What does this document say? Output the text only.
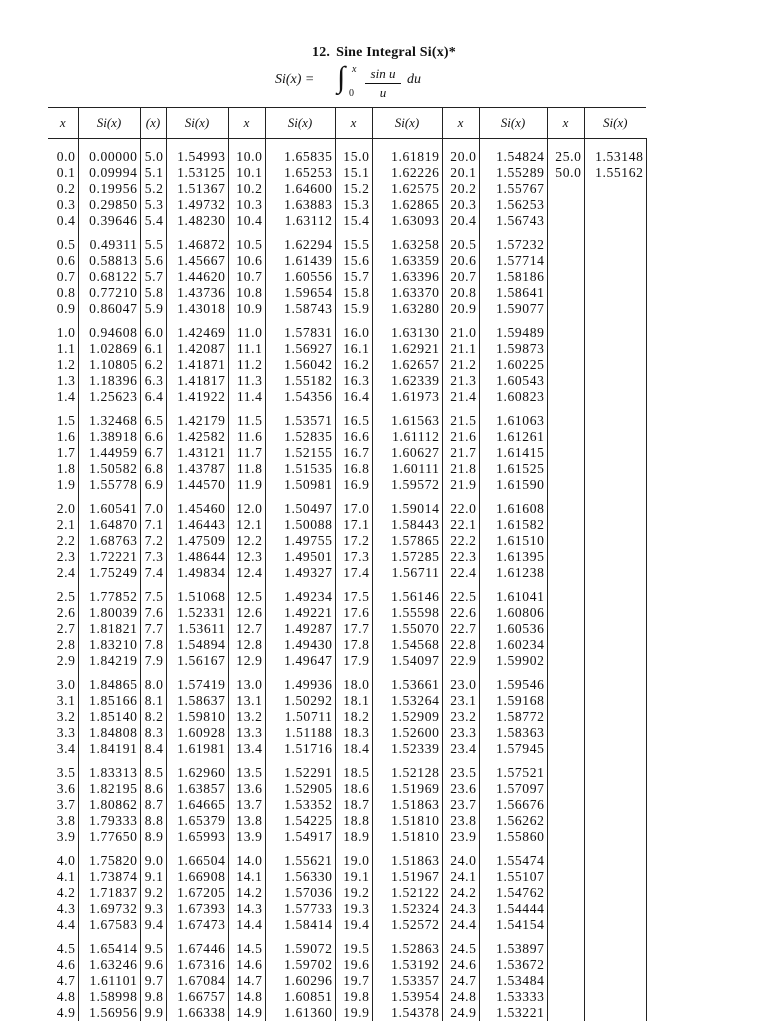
12. Sine Integral Si(x)*
Si(x) = ∫ x
0
sin u
u
du
x	Si(x)	(x)	Si(x)	x	Si(x)	x	Si(x)	x	Si(x)	x	Si(x)

0.0	0.00000	5.0	1.54993	10.0	1.65835	15.0	1.61819	20.0	1.54824	25.0	1.53148
0.1	0.09994	5.1	1.53125	10.1	1.65253	15.1	1.62226	20.1	1.55289	50.0	1.55162
0.2	0.19956	5.2	1.51367	10.2	1.64600	15.2	1.62575	20.2	1.55767		
0.3	0.29850	5.3	1.49732	10.3	1.63883	15.3	1.62865	20.3	1.56253		
0.4	0.39646	5.4	1.48230	10.4	1.63112	15.4	1.63093	20.4	1.56743		

0.5	0.49311	5.5	1.46872	10.5	1.62294	15.5	1.63258	20.5	1.57232		
0.6	0.58813	5.6	1.45667	10.6	1.61439	15.6	1.63359	20.6	1.57714		
0.7	0.68122	5.7	1.44620	10.7	1.60556	15.7	1.63396	20.7	1.58186		
0.8	0.77210	5.8	1.43736	10.8	1.59654	15.8	1.63370	20.8	1.58641		
0.9	0.86047	5.9	1.43018	10.9	1.58743	15.9	1.63280	20.9	1.59077		

1.0	0.94608	6.0	1.42469	11.0	1.57831	16.0	1.63130	21.0	1.59489		
1.1	1.02869	6.1	1.42087	11.1	1.56927	16.1	1.62921	21.1	1.59873		
1.2	1.10805	6.2	1.41871	11.2	1.56042	16.2	1.62657	21.2	1.60225		
1.3	1.18396	6.3	1.41817	11.3	1.55182	16.3	1.62339	21.3	1.60543		
1.4	1.25623	6.4	1.41922	11.4	1.54356	16.4	1.61973	21.4	1.60823		

1.5	1.32468	6.5	1.42179	11.5	1.53571	16.5	1.61563	21.5	1.61063		
1.6	1.38918	6.6	1.42582	11.6	1.52835	16.6	1.61112	21.6	1.61261		
1.7	1.44959	6.7	1.43121	11.7	1.52155	16.7	1.60627	21.7	1.61415		
1.8	1.50582	6.8	1.43787	11.8	1.51535	16.8	1.60111	21.8	1.61525		
1.9	1.55778	6.9	1.44570	11.9	1.50981	16.9	1.59572	21.9	1.61590		

2.0	1.60541	7.0	1.45460	12.0	1.50497	17.0	1.59014	22.0	1.61608		
2.1	1.64870	7.1	1.46443	12.1	1.50088	17.1	1.58443	22.1	1.61582		
2.2	1.68763	7.2	1.47509	12.2	1.49755	17.2	1.57865	22.2	1.61510		
2.3	1.72221	7.3	1.48644	12.3	1.49501	17.3	1.57285	22.3	1.61395		
2.4	1.75249	7.4	1.49834	12.4	1.49327	17.4	1.56711	22.4	1.61238		

2.5	1.77852	7.5	1.51068	12.5	1.49234	17.5	1.56146	22.5	1.61041		
2.6	1.80039	7.6	1.52331	12.6	1.49221	17.6	1.55598	22.6	1.60806		
2.7	1.81821	7.7	1.53611	12.7	1.49287	17.7	1.55070	22.7	1.60536		
2.8	1.83210	7.8	1.54894	12.8	1.49430	17.8	1.54568	22.8	1.60234		
2.9	1.84219	7.9	1.56167	12.9	1.49647	17.9	1.54097	22.9	1.59902		

3.0	1.84865	8.0	1.57419	13.0	1.49936	18.0	1.53661	23.0	1.59546		
3.1	1.85166	8.1	1.58637	13.1	1.50292	18.1	1.53264	23.1	1.59168		
3.2	1.85140	8.2	1.59810	13.2	1.50711	18.2	1.52909	23.2	1.58772		
3.3	1.84808	8.3	1.60928	13.3	1.51188	18.3	1.52600	23.3	1.58363		
3.4	1.84191	8.4	1.61981	13.4	1.51716	18.4	1.52339	23.4	1.57945		

3.5	1.83313	8.5	1.62960	13.5	1.52291	18.5	1.52128	23.5	1.57521		
3.6	1.82195	8.6	1.63857	13.6	1.52905	18.6	1.51969	23.6	1.57097		
3.7	1.80862	8.7	1.64665	13.7	1.53352	18.7	1.51863	23.7	1.56676		
3.8	1.79333	8.8	1.65379	13.8	1.54225	18.8	1.51810	23.8	1.56262		
3.9	1.77650	8.9	1.65993	13.9	1.54917	18.9	1.51810	23.9	1.55860		

4.0	1.75820	9.0	1.66504	14.0	1.55621	19.0	1.51863	24.0	1.55474		
4.1	1.73874	9.1	1.66908	14.1	1.56330	19.1	1.51967	24.1	1.55107		
4.2	1.71837	9.2	1.67205	14.2	1.57036	19.2	1.52122	24.2	1.54762		
4.3	1.69732	9.3	1.67393	14.3	1.57733	19.3	1.52324	24.3	1.54444		
4.4	1.67583	9.4	1.67473	14.4	1.58414	19.4	1.52572	24.4	1.54154		

4.5	1.65414	9.5	1.67446	14.5	1.59072	19.5	1.52863	24.5	1.53897		
4.6	1.63246	9.6	1.67316	14.6	1.59702	19.6	1.53192	24.6	1.53672		
4.7	1.61101	9.7	1.67084	14.7	1.60296	19.7	1.53357	24.7	1.53484		
4.8	1.58998	9.8	1.66757	14.8	1.60851	19.8	1.53954	24.8	1.53333		
4.9	1.56956	9.9	1.66338	14.9	1.61360	19.9	1.54378	24.9	1.53221		
